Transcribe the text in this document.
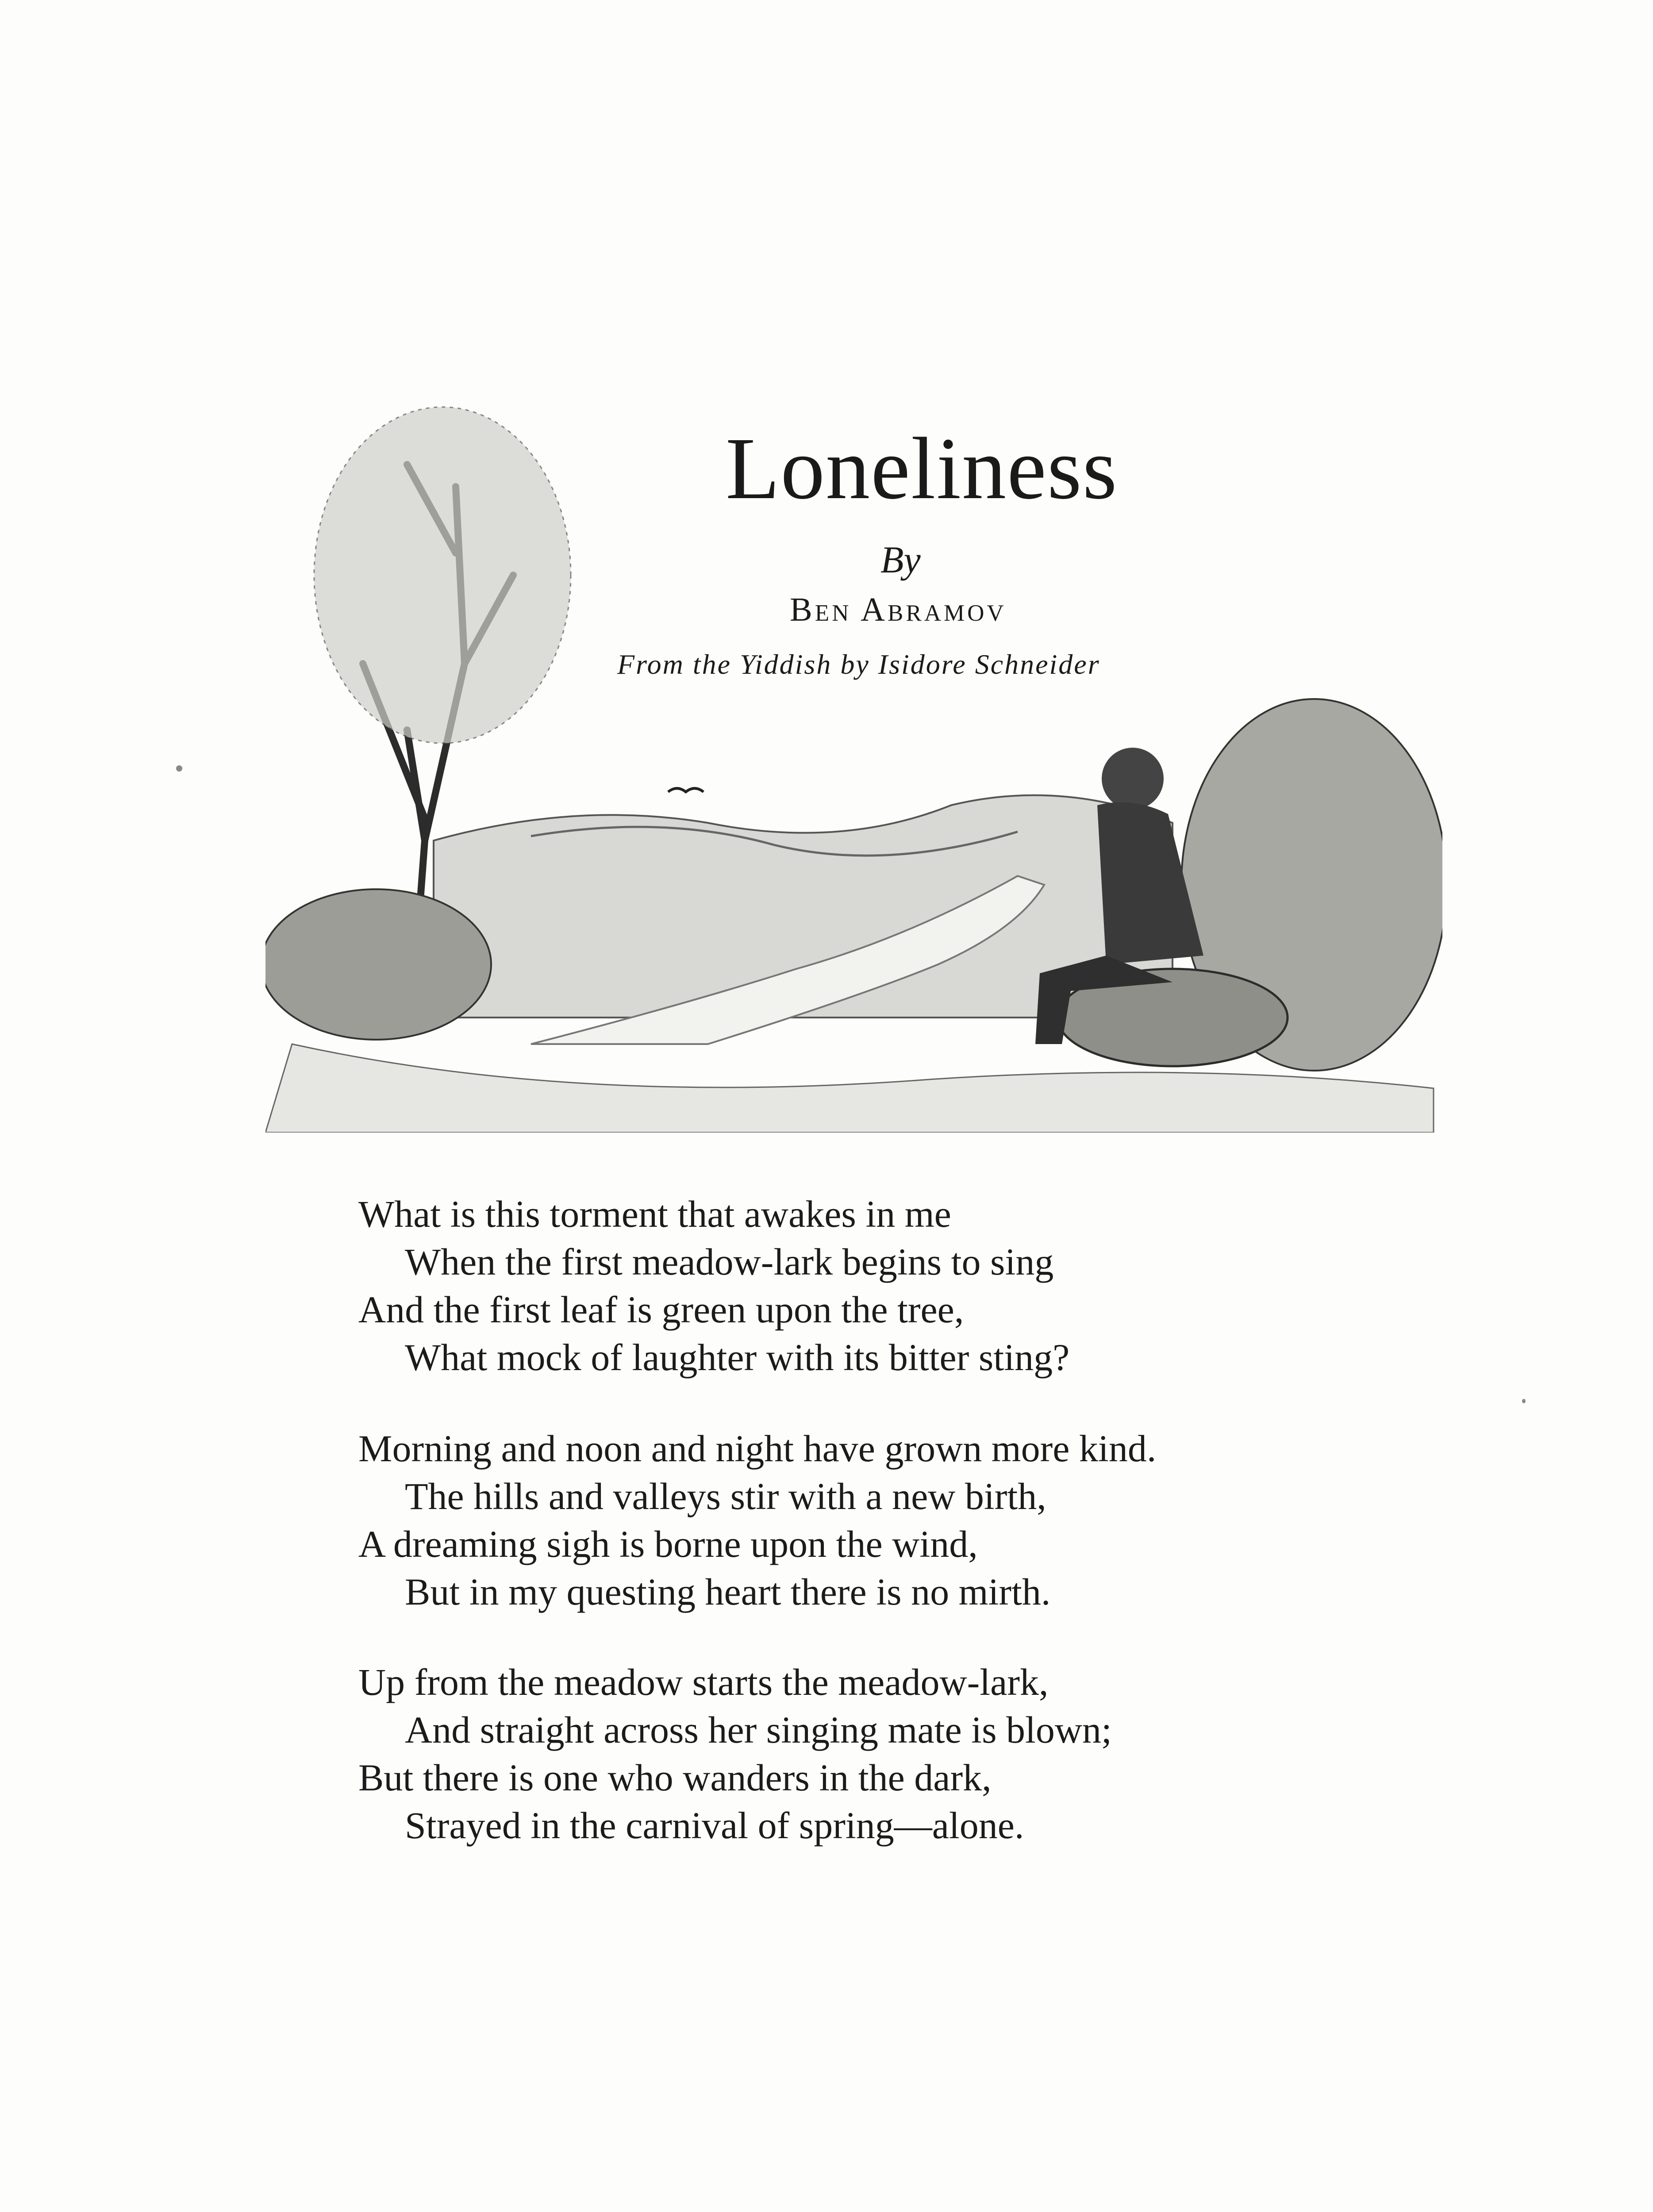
Loneliness
By
Ben Abramov
From the Yiddish by Isidore Schneider
What is this torment that awakes in me
When the first meadow-lark begins to sing
And the first leaf is green upon the tree,
What mock of laughter with its bitter sting?
Morning and noon and night have grown more kind.
The hills and valleys stir with a new birth,
A dreaming sigh is borne upon the wind,
But in my questing heart there is no mirth.
Up from the meadow starts the meadow-lark,
And straight across her singing mate is blown;
But there is one who wanders in the dark,
Strayed in the carnival of spring—alone.
